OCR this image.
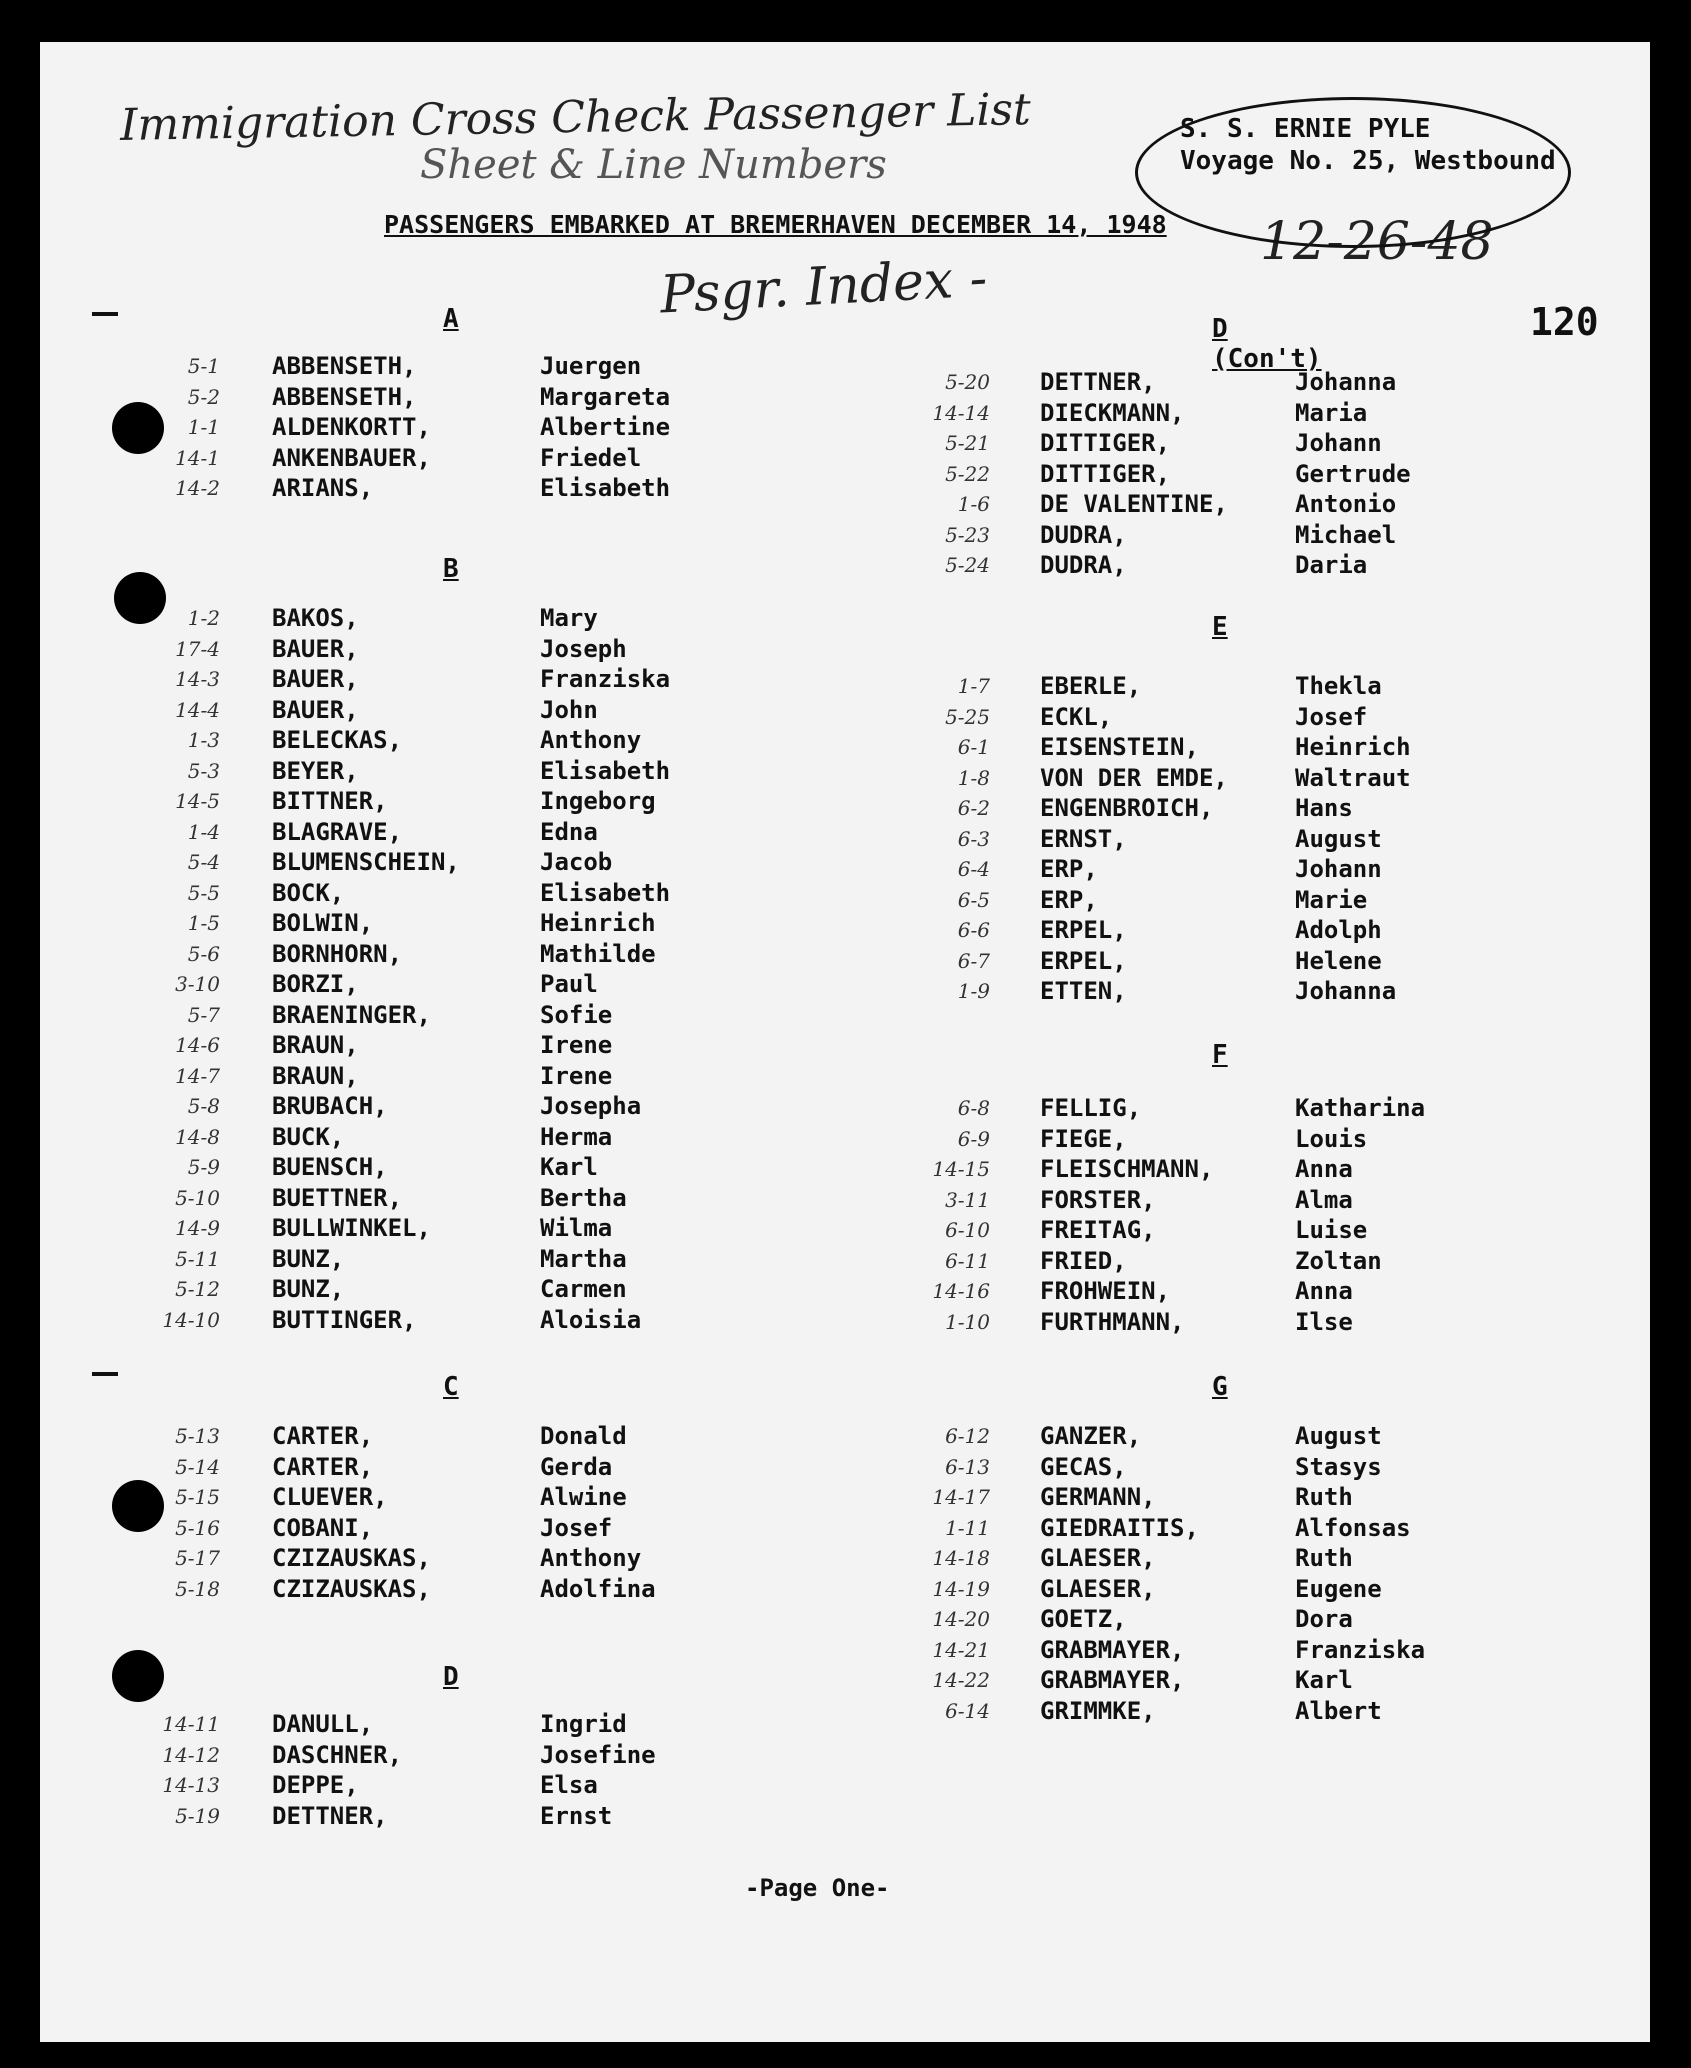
Immigration Cross Check Passenger List
Sheet & Line Numbers
Psgr. Index -
12-26-48
S. S. ERNIE PYLE
Voyage No. 25, Westbound
PASSENGERS EMBARKED AT BREMERHAVEN DECEMBER 14, 1948
120
A
5-1 ABBENSETH,	Juergen
5-2 ABBENSETH,	Margareta
1-1 ALDENKORTT,	Albertine
14-1 ANKENBAUER,	Friedel
14-2 ARIANS,	Elisabeth
B
1-2 BAKOS,	Mary
17-4 BAUER,	Joseph
14-3 BAUER,	Franziska
14-4 BAUER,	John
1-3 BELECKAS,	Anthony
5-3 BEYER,	Elisabeth
14-5 BITTNER,	Ingeborg
1-4 BLAGRAVE,	Edna
5-4 BLUMENSCHEIN,	Jacob
5-5 BOCK,	Elisabeth
1-5 BOLWIN,	Heinrich
5-6 BORNHORN,	Mathilde
3-10 BORZI,	Paul
5-7 BRAENINGER,	Sofie
14-6 BRAUN,	Irene
14-7 BRAUN,	Irene
5-8 BRUBACH,	Josepha
14-8 BUCK,	Herma
5-9 BUENSCH,	Karl
5-10 BUETTNER,	Bertha
14-9 BULLWINKEL,	Wilma
5-11 BUNZ,	Martha
5-12 BUNZ,	Carmen
14-10 BUTTINGER,	Aloisia
C
5-13 CARTER,	Donald
5-14 CARTER,	Gerda
5-15 CLUEVER,	Alwine
5-16 COBANI,	Josef
5-17 CZIZAUSKAS,	Anthony
5-18 CZIZAUSKAS,	Adolfina
D
14-11 DANULL,	Ingrid
14-12 DASCHNER,	Josefine
14-13 DEPPE,	Elsa
5-19 DETTNER,	Ernst
D (Con't)
5-20 DETTNER,	Johanna
14-14 DIECKMANN,	Maria
5-21 DITTIGER,	Johann
5-22 DITTIGER,	Gertrude
1-6 DE VALENTINE,	Antonio
5-23 DUDRA,	Michael
5-24 DUDRA,	Daria
E
1-7 EBERLE,	Thekla
5-25 ECKL,	Josef
6-1 EISENSTEIN,	Heinrich
1-8 VON DER EMDE,	Waltraut
6-2 ENGENBROICH,	Hans
6-3 ERNST,	August
6-4 ERP,	Johann
6-5 ERP,	Marie
6-6 ERPEL,	Adolph
6-7 ERPEL,	Helene
1-9 ETTEN,	Johanna
F
6-8 FELLIG,	Katharina
6-9 FIEGE,	Louis
14-15 FLEISCHMANN,	Anna
3-11 FORSTER,	Alma
6-10 FREITAG,	Luise
6-11 FRIED,	Zoltan
14-16 FROHWEIN,	Anna
1-10 FURTHMANN,	Ilse
G
6-12 GANZER,	August
6-13 GECAS,	Stasys
14-17 GERMANN,	Ruth
1-11 GIEDRAITIS,	Alfonsas
14-18 GLAESER,	Ruth
14-19 GLAESER,	Eugene
14-20 GOETZ,	Dora
14-21 GRABMAYER,	Franziska
14-22 GRABMAYER,	Karl
6-14 GRIMMKE,	Albert
-Page One-
